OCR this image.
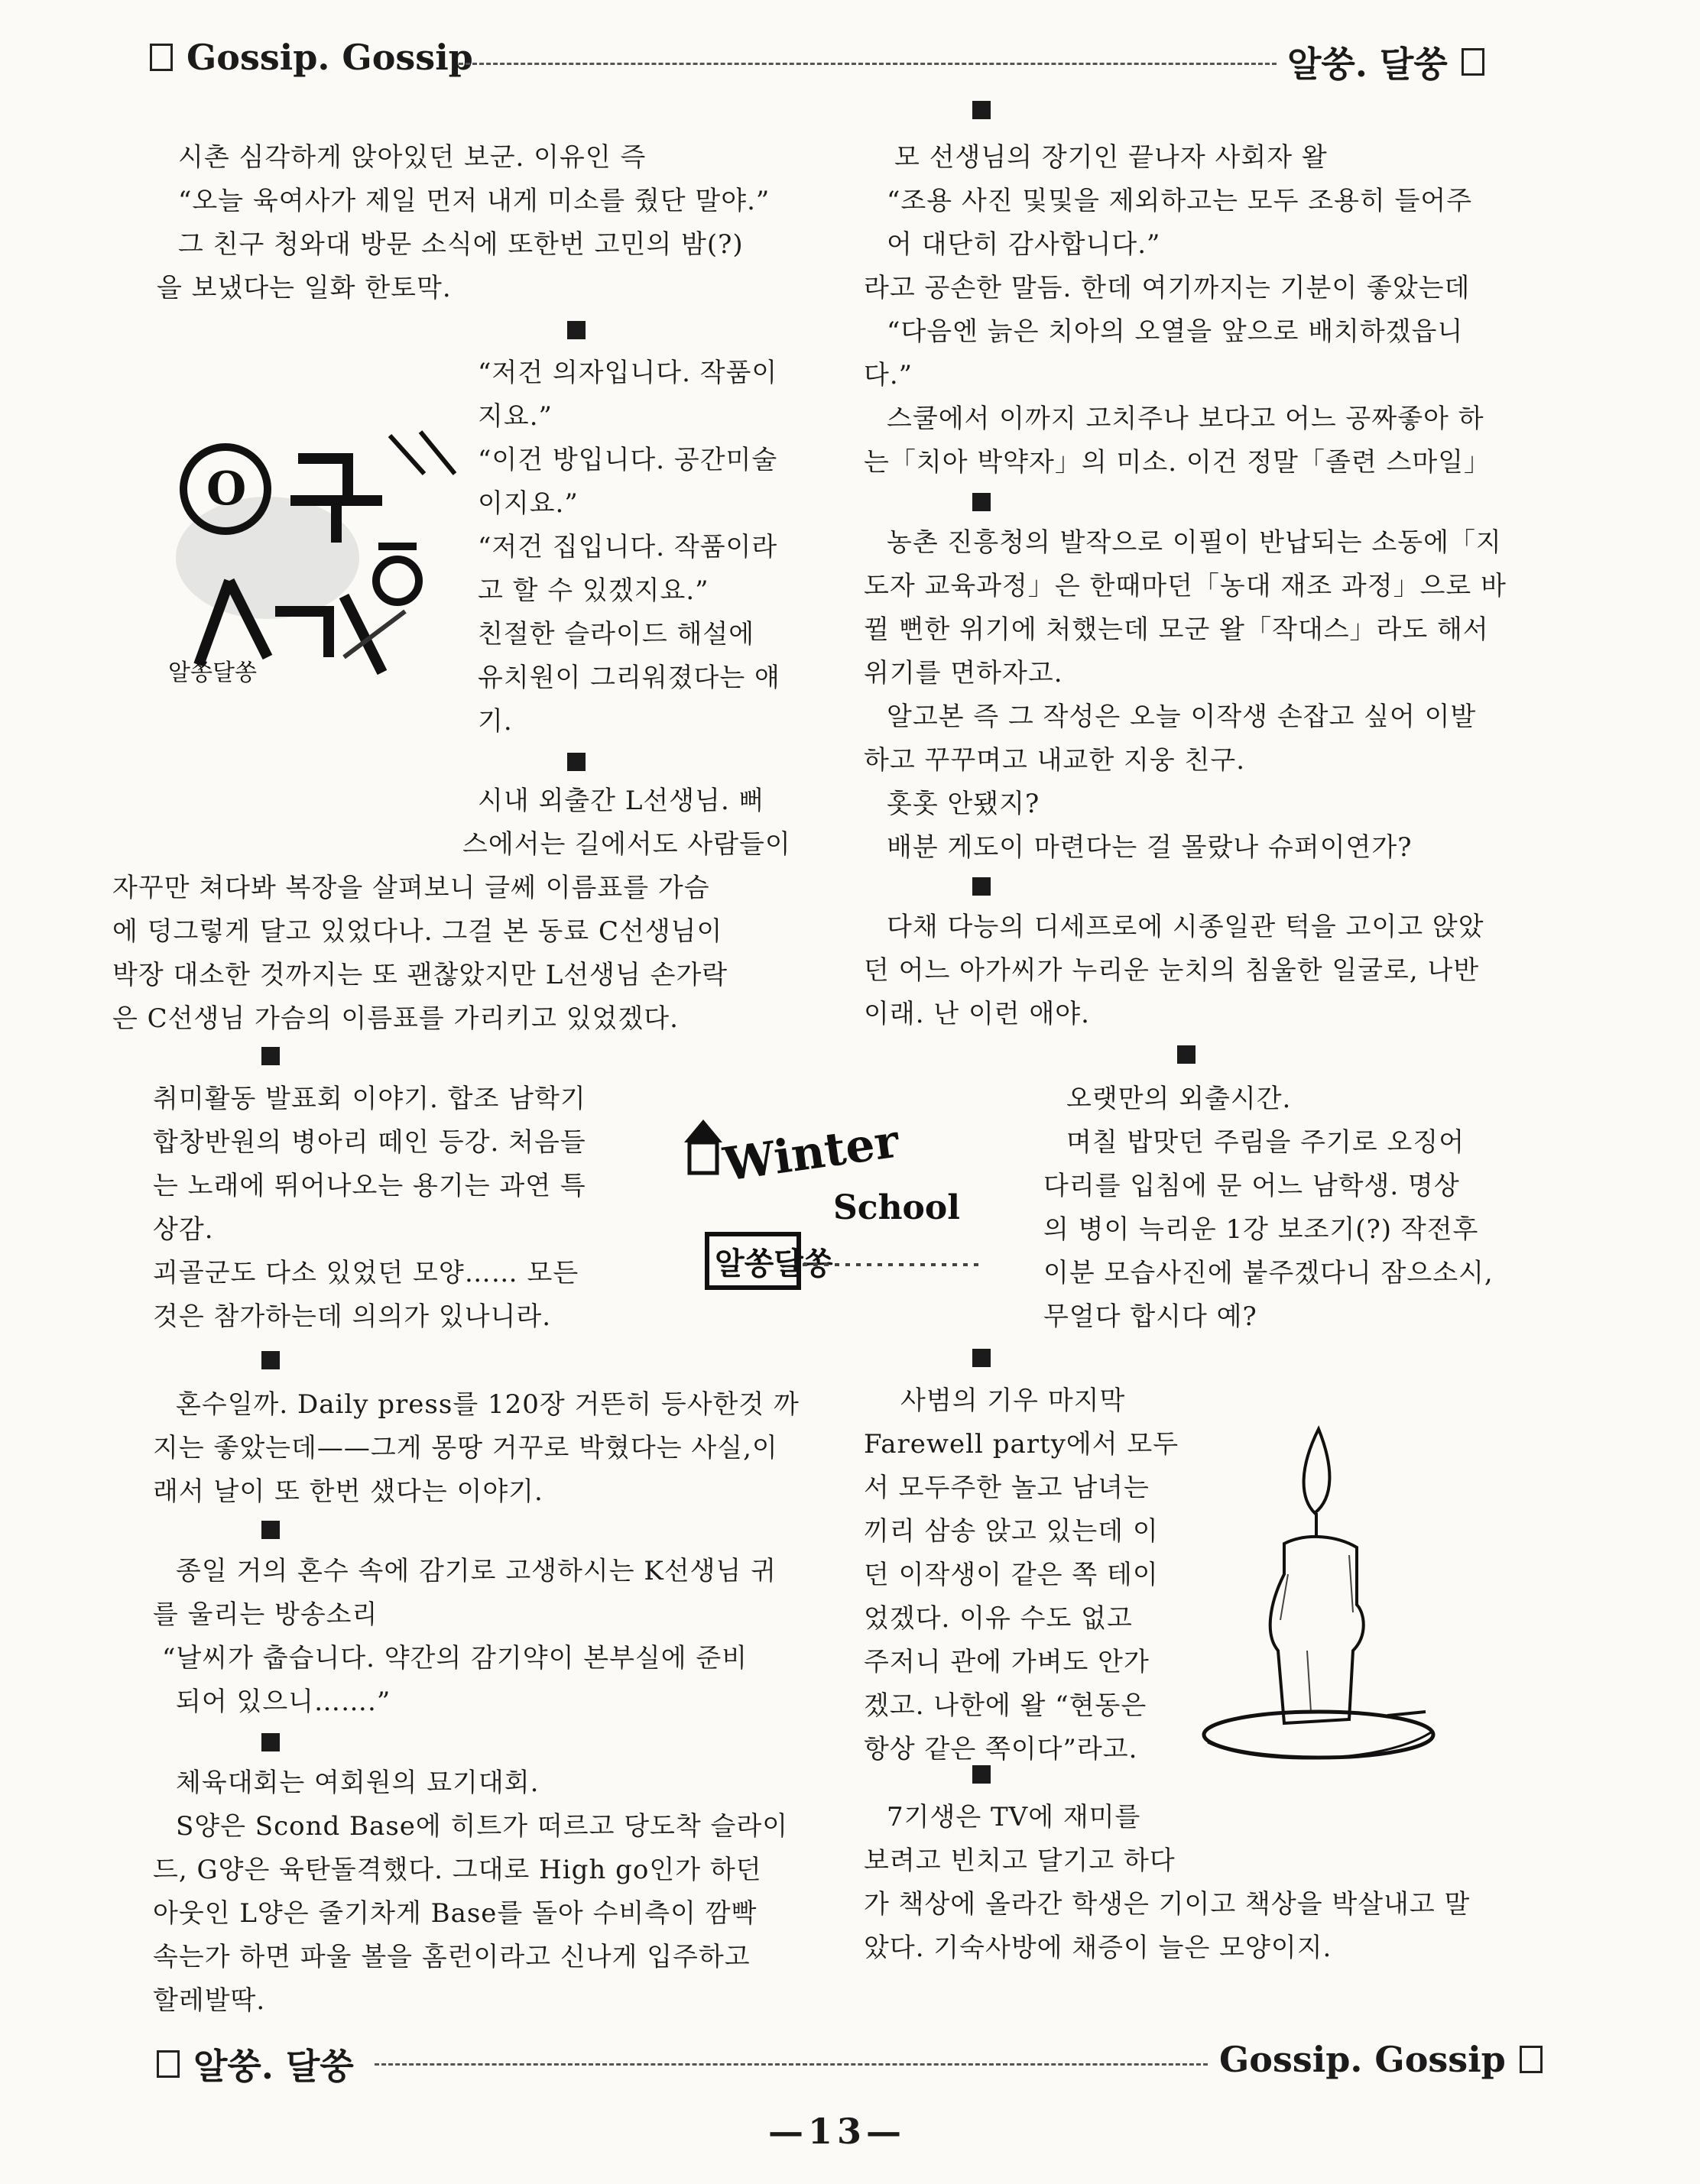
Gossip. Gossip	알쑹. 달쑹

시촌 심각하게 앉아있던 보군. 이유인 즉

“오늘 육여사가 제일 먼저 내게 미소를 줬단 말야.”

그 친구 청와대 방문 소식에 또한번 고민의 밤(?)

을 보냈다는 일화 한토막.

“저건 의자입니다. 작품이

지요.”

“이건 방입니다. 공간미술

이지요.”

“저건 집입니다. 작품이라

고 할 수 있겠지요.”

친절한 슬라이드 해설에

유치원이 그리워졌다는 얘

기.

O
알쏭달쏭

시내 외출간 L선생님. 뻐

스에서는 길에서도 사람들이

자꾸만 쳐다봐 복장을 살펴보니 글쎄 이름표를 가슴

에 덩그렇게 달고 있었다나. 그걸 본 동료 C선생님이

박장 대소한 것까지는 또 괜찮았지만 L선생님 손가락

은 C선생님 가슴의 이름표를 가리키고 있었겠다.

취미활동 발표회 이야기. 합조 남학기

합창반원의 병아리 떼인 등강. 처음들

는 노래에 뛰어나오는 용기는 과연 특

상감.

괴골군도 다소 있었던 모양…… 모든

것은 참가하는데 의의가 있나니라.

Winter
School
알쏭달쏭

혼수일까. Daily press를 120장 거뜬히 등사한것 까

지는 좋았는데——그게 몽땅 거꾸로 박혔다는 사실,이

래서 날이 또 한번 샜다는 이야기.

종일 거의 혼수 속에 감기로 고생하시는 K선생님 귀

를 울리는 방송소리

“날씨가 춥습니다. 약간의 감기약이 본부실에 준비

되어 있으니…….”

체육대회는 여회원의 묘기대회.

S양은 Scond Base에 히트가 떠르고 당도착 슬라이

드, G양은 육탄돌격했다. 그대로 High go인가 하던

아웃인 L양은 줄기차게 Base를 돌아 수비측이 깜빡

속는가 하면 파울 볼을 홈런이라고 신나게 입주하고

할레발딱.

모 선생님의 장기인 끝나자 사회자 왈

“조용 사진 및및을 제외하고는 모두 조용히 들어주

어 대단히 감사합니다.”

라고 공손한 말듬. 한데 여기까지는 기분이 좋았는데

“다음엔 늙은 치아의 오열을 앞으로 배치하겠읍니

다.”

스쿨에서 이까지 고치주나 보다고 어느 공짜좋아 하

는「치아 박약자」의 미소. 이건 정말「졸련 스마일」

농촌 진흥청의 발작으로 이필이 반납되는 소동에「지

도자 교육과정」은 한때마던「농대 재조 과정」으로 바

뀔 뻔한 위기에 처했는데 모군 왈「작대스」라도 해서

위기를 면하자고.

알고본 즉 그 작성은 오늘 이작생 손잡고 싶어 이발

하고 꾸꾸며고 내교한 지웅 친구.

홋홋 안됐지?

배분 게도이 마련다는 걸 몰랐나 슈퍼이연가?

다채 다능의 디세프로에 시종일관 턱을 고이고 앉았

던 어느 아가씨가 누리운 눈치의 침울한 일굴로, 나반

이래. 난 이런 애야.

오랫만의 외출시간.

며칠 밥맛던 주림을 주기로 오징어

다리를 입침에 문 어느 남학생. 명상

의 병이 늑리운 1강 보조기(?) 작전후

이분 모습사진에 붙주겠다니 잠으소시,

무얼다 합시다 예?

사범의 기우 마지막

Farewell party에서 모두

서 모두주한 놀고 남녀는

끼리 삼송 앉고 있는데 이

던 이작생이 같은 쪽 테이

었겠다. 이유 수도 없고

주저니 관에 가벼도 안가

겠고. 나한에 왈 “현동은

항상 같은 쪽이다”라고.

7기생은 TV에 재미를

보려고 빈치고 달기고 하다

가 책상에 올라간 학생은 기이고 책상을 박살내고 말

았다. 기숙사방에 채증이 늘은 모양이지.

알쑹. 달쑹	Gossip. Gossip
—13—
